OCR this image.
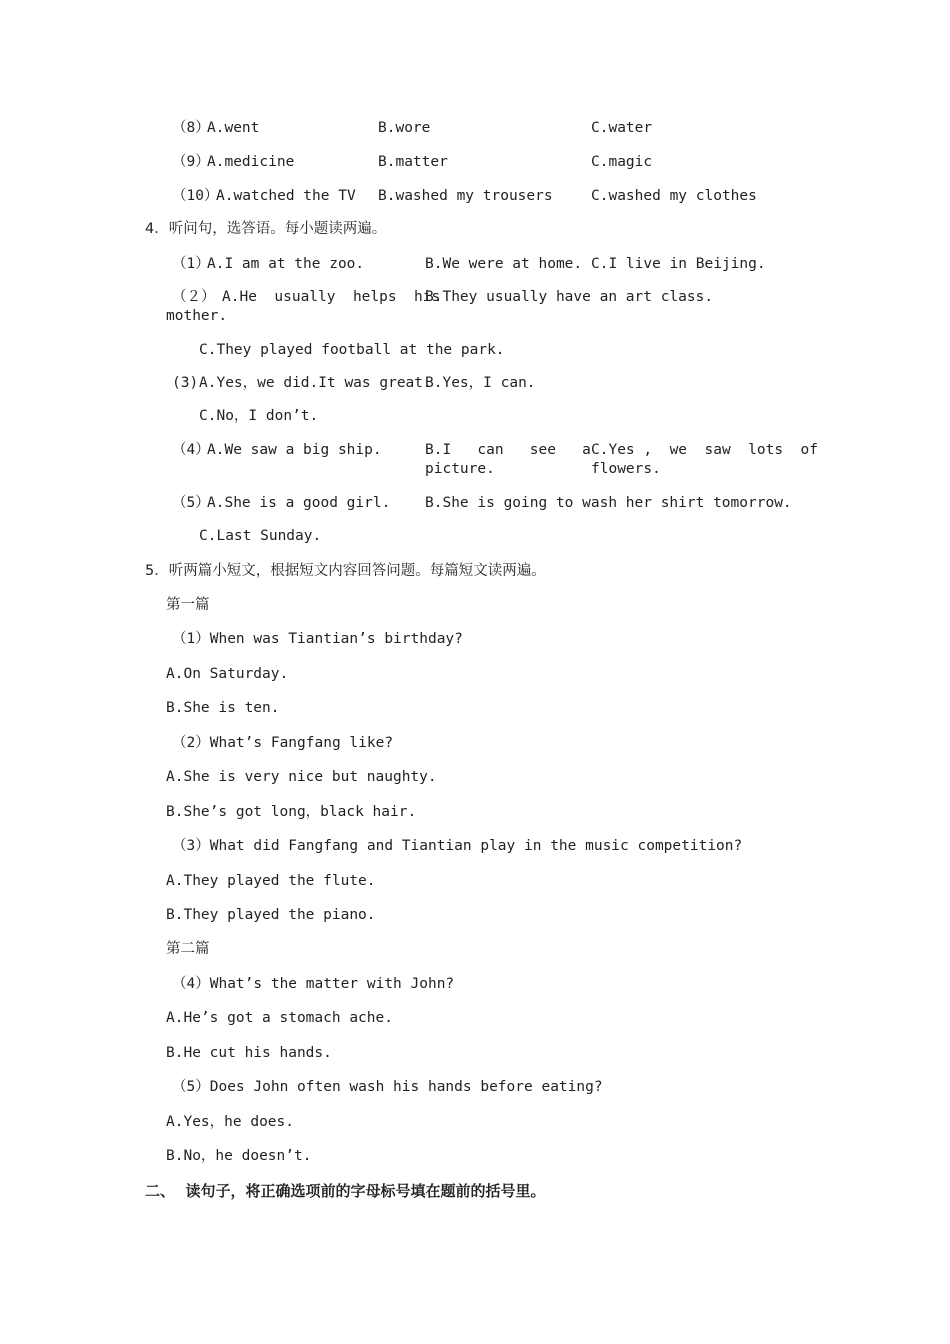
（8）
A.went	B.wore	C.water
（9）
A.medicine	B.matter	C.magic
（10）
A.watched the TV B.washed my trousers	C.washed my clothes
4．听问句，选答语。每小题读两遍。
（1）
A.I am at the zoo.	B.We were at home. C.I live in Beijing.
（２） A.He  usually  helps  his
mother.
B.They usually have an art class.
C.They played football at the park.
(3) A.Yes，we did.It was great.
B.Yes，I can.
C.No，I don’t.
（4）
A.We saw a big ship.	B.I   can   see   a
picture.
C.Yes ,  we  saw  lots  of
flowers.
（5）
A.She is a good girl. B.She is going to wash her shirt tomorrow.
C.Last Sunday.
5．听两篇小短文，根据短文内容回答问题。每篇短文读两遍。
第一篇
（1）When was Tiantian’s birthday?
A.On Saturday.
B.She is ten.
（2）What’s Fangfang like?
A.She is very nice but naughty.
B.She’s got long，black hair.
（3）What did Fangfang and Tiantian play in the music competition?
A.They played the flute.
B.They played the piano.
第二篇
（4）What’s the matter with John?
A.He’s got a stomach ache.
B.He cut his hands.
（5）Does John often wash his hands before eating?
A.Yes，he does.
B.No，he doesn’t.
二、  读句子，将正确选项前的字母标号填在题前的括号里。
